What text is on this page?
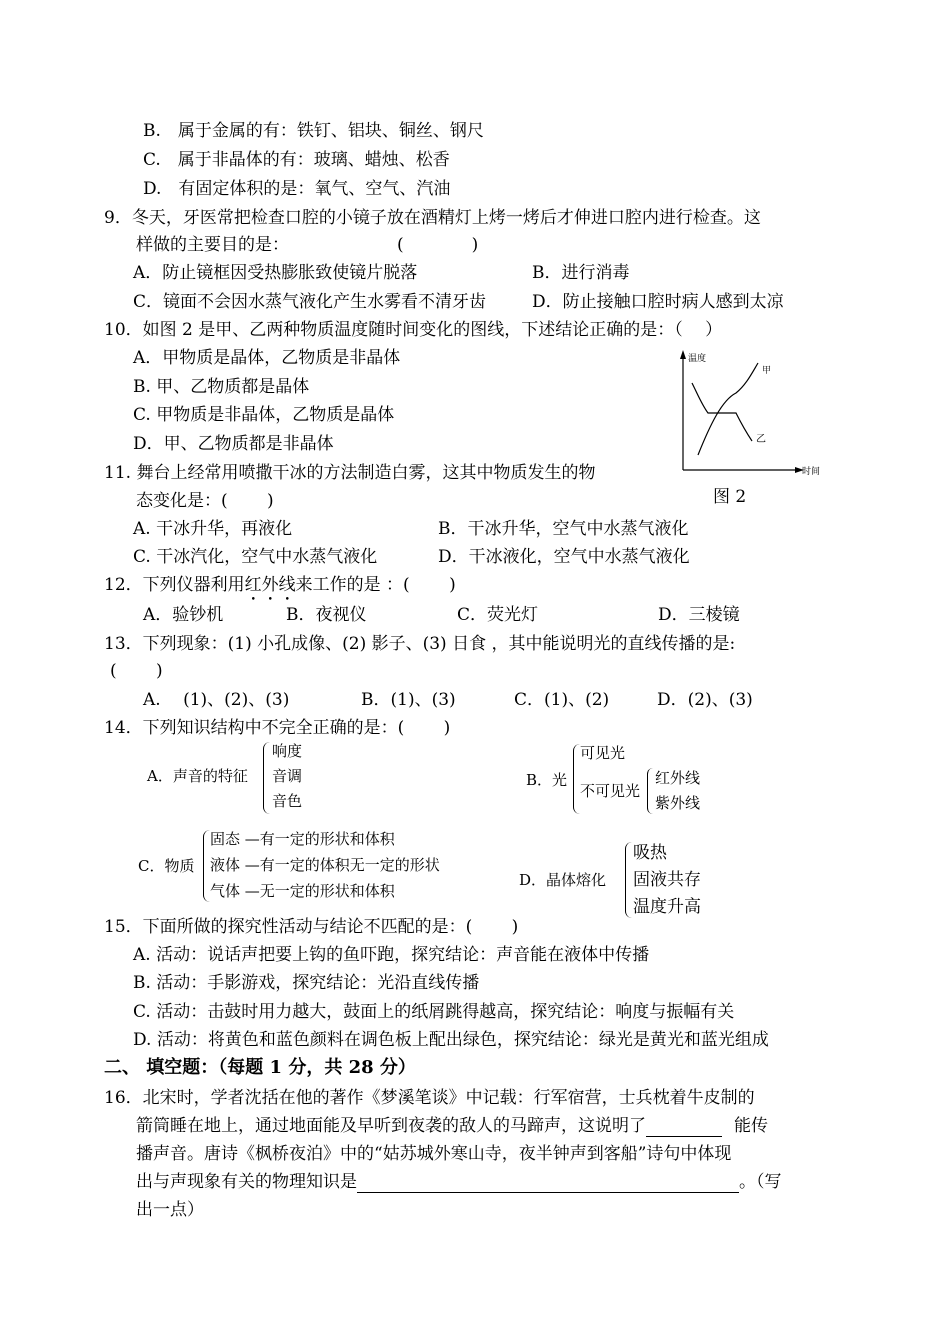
B.　属于金属的有：铁钉、铝块、铜丝、钢尺
C.　属于非晶体的有：玻璃、蜡烛、松香
D.　有固定体积的是：氧气、空气、汽油
9．冬天，牙医常把检查口腔的小镜子放在酒精灯上烤一烤后才伸进口腔内进行检查。这
样做的主要目的是：	(　　　　)
A．防止镜框因受热膨胀致使镜片脱落	B．进行消毒
C．镜面不会因水蒸气液化产生水雾看不清牙齿	D．防止接触口腔时病人感到太凉
10．如图 2 是甲、乙两种物质温度随时间变化的图线，下述结论正确的是：（　 ）
A．甲物质是晶体，乙物质是非晶体
B. 甲、乙物质都是晶体
C. 甲物质是非晶体，乙物质是晶体
D．甲、乙物质都是非晶体
温度
时间
甲
乙
图 2
11. 舞台上经常用喷撒干冰的方法制造白雾，这其中物质发生的物
态变化是：(　　 )
A. 干冰升华，再液化	B．干冰升华，空气中水蒸气液化
C. 干冰汽化，空气中水蒸气液化	D．干冰液化，空气中水蒸气液化
12．下列仪器利用红外线来工作的是 ：(　　 )
A．验钞机	B．夜视仪	C．荧光灯	D．三棱镜
13．下列现象：(1) 小孔成像、(2) 影子、(3) 日食 ，其中能说明光的直线传播的是:
(　　 )
A.　 (1)、(2)、(3)	B．(1)、(3)	C．(1)、(2)	D．(2)、(3)
14．下列知识结构中不完全正确的是：(　　 )
A．声音的特征
响度
音调
音色
B．光
可见光
不可见光
红外线
紫外线
C．物质
固态 —有一定的形状和体积
液体 —有一定的体积无一定的形状
气体 —无一定的形状和体积
D．晶体熔化
吸热
固液共存
温度升高
15．下面所做的探究性活动与结论不匹配的是：(　　 )
A. 活动：说话声把要上钩的鱼吓跑，探究结论：声音能在液体中传播
B. 活动：手影游戏，探究结论：光沿直线传播
C. 活动：击鼓时用力越大，鼓面上的纸屑跳得越高，探究结论：响度与振幅有关
D. 活动：将黄色和蓝色颜料在调色板上配出绿色，探究结论：绿光是黄光和蓝光组成
二、 填空题：（每题 1 分，共 28 分）
16．北宋时，学者沈括在他的著作《梦溪笔谈》中记载：行军宿营，士兵枕着牛皮制的
箭筒睡在地上，通过地面能及早听到夜袭的敌人的马蹄声，这说明了	能传
播声音。唐诗《枫桥夜泊》中的“姑苏城外寒山寺，夜半钟声到客船”诗句中体现
出与声现象有关的物理知识是	。（写
出一点）
